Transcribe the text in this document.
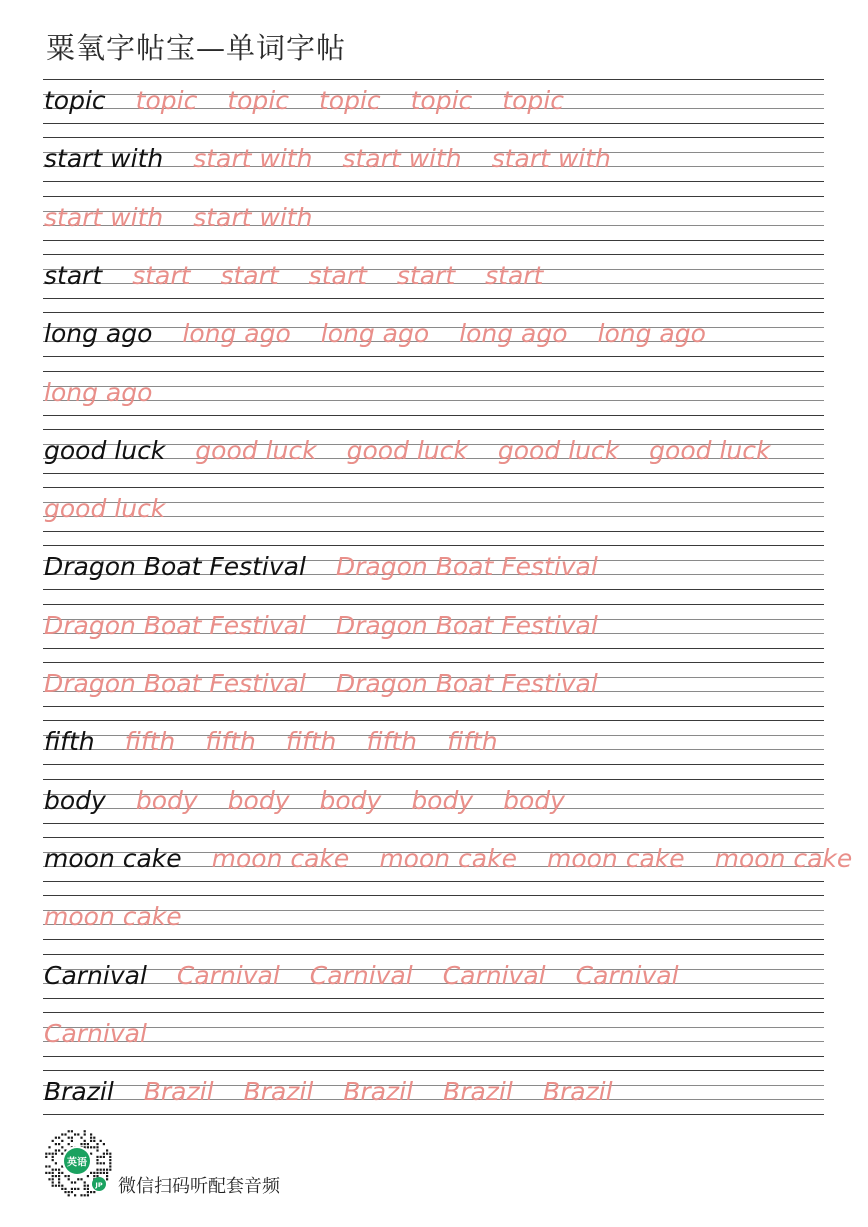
粟氧字帖宝—单词字帖
topic topic topic topic topic topic
start with start with start with start with
start with start with
start start start start start start
long ago long ago long ago long ago long ago
long ago
good luck good luck good luck good luck good luck
good luck
Dragon Boat Festival Dragon Boat Festival
Dragon Boat Festival Dragon Boat Festival
Dragon Boat Festival Dragon Boat Festival
fifth fifth fifth fifth fifth fifth
body body body body body body
moon cake moon cake moon cake moon cake moon cake
moon cake
Carnival Carnival Carnival Carnival Carnival
Carnival
Brazil Brazil Brazil Brazil Brazil Brazil
英语
JP 微信扫码听配套音频
